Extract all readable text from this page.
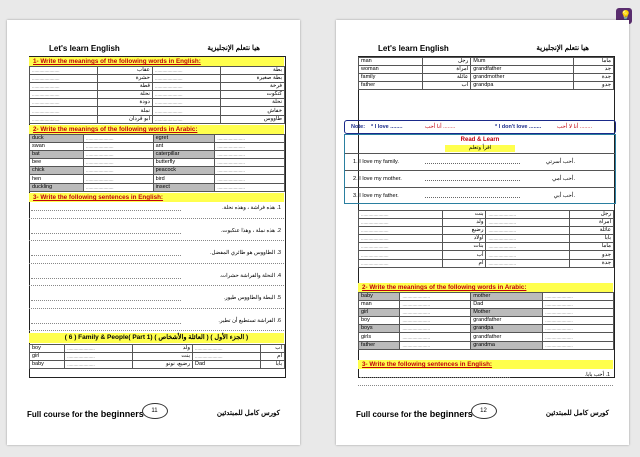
💡
Let's learn English	هيا نتعلم الإنجليزية
1- Write the meanings of the following words in English:
......................	عقاب	......................	بطة
......................	حشرة	......................	بطة صغيرة
......................	قطة	......................	فرخة
......................	نحلة	......................	كتكوت
......................	دودة	......................	نحلة
......................	نملة	......................	خفاش
......................	أبو قردان	......................	طاووس
2- Write the meanings of the following words in Arabic:
duck	......................	egret	......................
swan	......................	ant	......................
bat	......................	caterpillar	......................
bee	......................	butterfly	......................
chick	......................	peacock	......................
hen	......................	bird	......................
duckling	......................	insect	......................
3- Write the following sentences in English:
1. هذه فراشة ، وهذه نحلة.
2. هذه نملة ، وهذا عنكبوت.
3. الطاووس هو طائري المفضل.
4. النحلة والفراشة حشرات.
5. البطة والطاووس طيور.
6. الفراشة تستطيع أن تطير.
( 6 ) Family & People( Part 1) ( العائلة والأشخاص ) ( الجزء الأول )
boy	......................	ولد	......................	أب
girl	......................	بنت	......................	أم
baby	......................	رضيع، نونو	Dad	بابا
Full course for the beginners	11	كورس كامل للمبتدئين
Let's learn English	هيا نتعلم الإنجليزية
man	رجل	Mum	ماما
woman	امرأة	grandfather	جد
family	عائلة	grandmother	جدة
father	أب	grandpa	جدو
Note: * I love ........	أنا أحب ........	* I don't love ........	أنا لا أحب ........
Read & Learn
اقرأ وتعلم
1. I love my family.	أحب أسرتي.
2. I love my mother.	أحب أمي.
3. I love my father.	أحب أبي.
......................	بنت	......................	رجل
......................	ولد	......................	امرأة
......................	رضيع	......................	عائلة
......................	أولاد	......................	بابا
......................	بنات	......................	ماما
......................	أب	......................	جدو
......................	أم	......................	جدة
2- Write the meanings of the following words in Arabic:
baby	......................	mother	......................
man	......................	Dad	......................
girl	......................	Mother	......................
boy	......................	grandfather	......................
boys	......................	grandpa	......................
girls	......................	grandfather	......................
father	......................	grandma	......................
3- Write the following sentences in English:
1. أحب بابا.
Full course for the beginners	12	كورس كامل للمبتدئين
